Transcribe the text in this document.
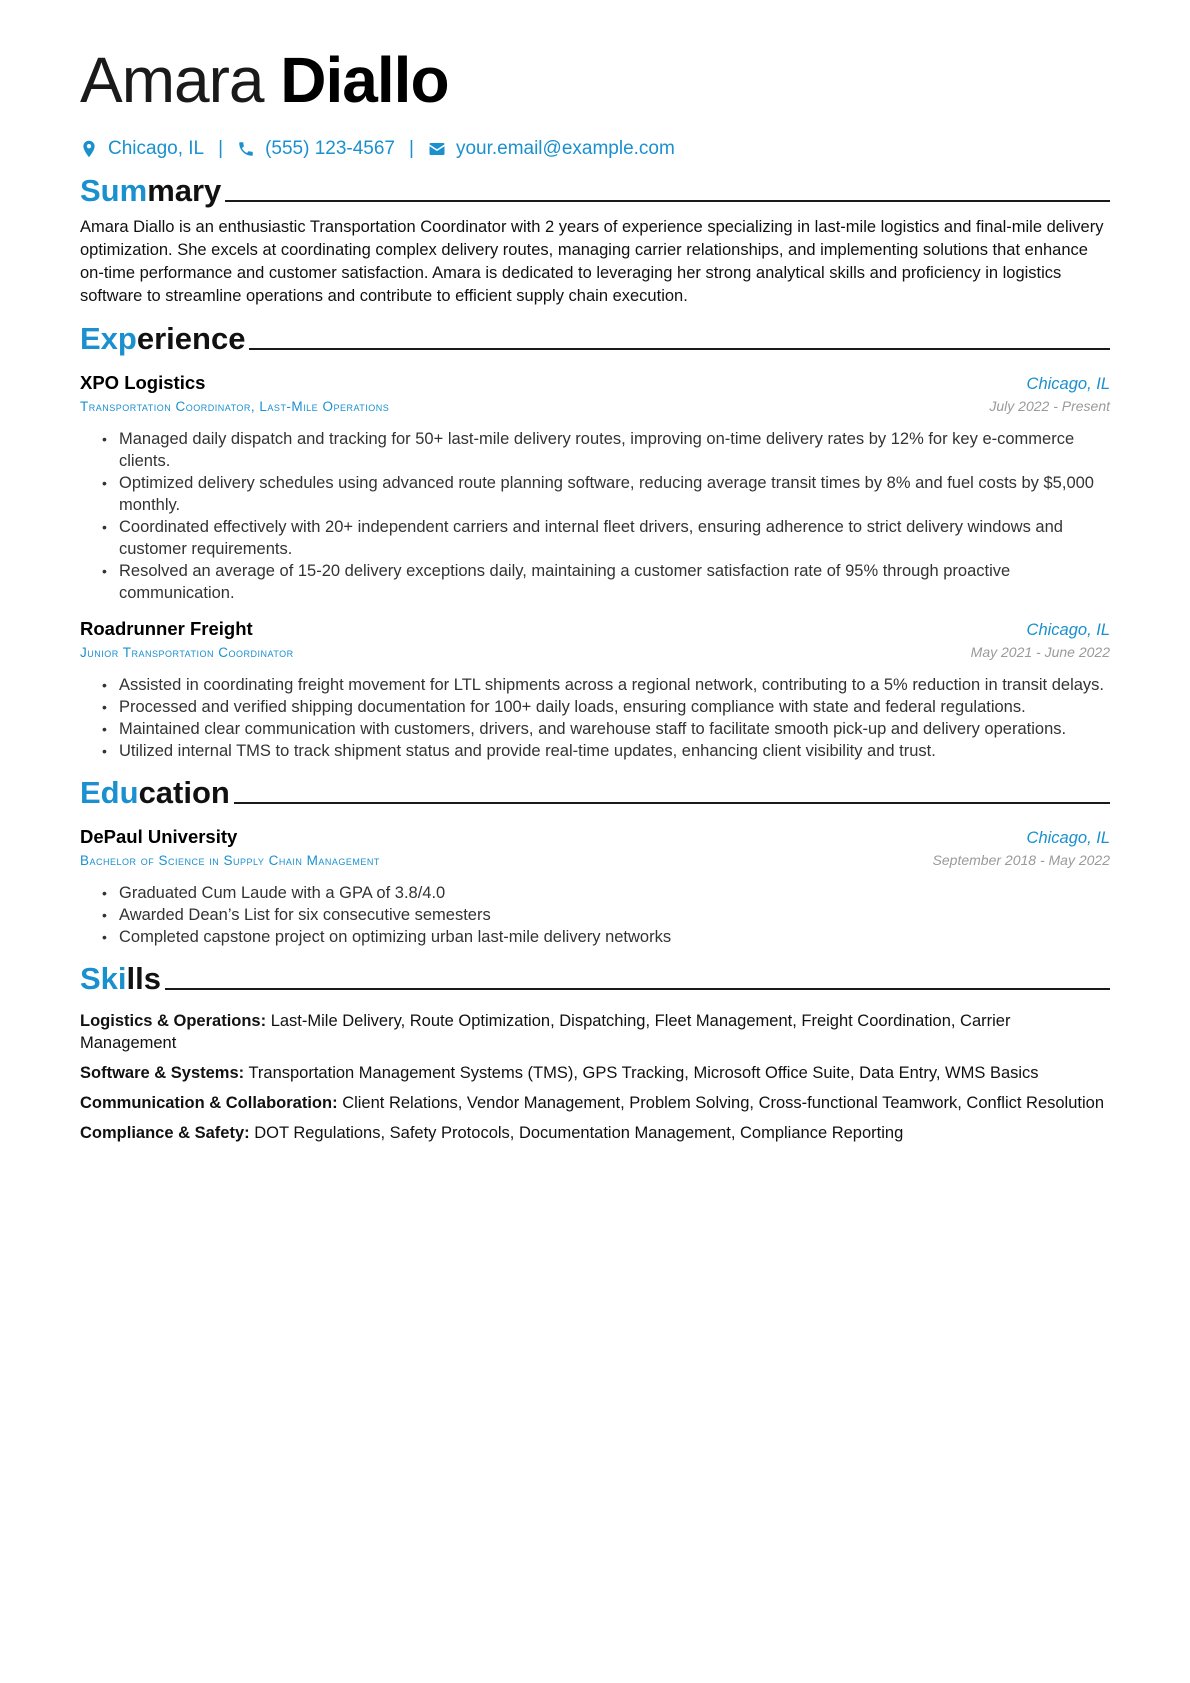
Amara Diallo
Chicago, IL | (555) 123-4567 | your.email@example.com
Summary

Amara Diallo is an enthusiastic Transportation Coordinator with 2 years of experience specializing in last-mile logistics and final-mile delivery optimization. She excels at coordinating complex delivery routes, managing carrier relationships, and implementing solutions that enhance on-time performance and customer satisfaction. Amara is dedicated to leveraging her strong analytical skills and proficiency in logistics software to streamline operations and contribute to efficient supply chain execution.

Experience
XPO Logistics	Chicago, IL
Transportation Coordinator, Last-Mile Operations	July 2022 - Present
• Managed daily dispatch and tracking for 50+ last-mile delivery routes, improving on-time delivery rates by 12% for key e-commerce clients.
• Optimized delivery schedules using advanced route planning software, reducing average transit times by 8% and fuel costs by $5,000 monthly.
• Coordinated effectively with 20+ independent carriers and internal fleet drivers, ensuring adherence to strict delivery windows and customer requirements.
• Resolved an average of 15-20 delivery exceptions daily, maintaining a customer satisfaction rate of 95% through proactive communication.
Roadrunner Freight	Chicago, IL
Junior Transportation Coordinator	May 2021 - June 2022
• Assisted in coordinating freight movement for LTL shipments across a regional network, contributing to a 5% reduction in transit delays.
• Processed and verified shipping documentation for 100+ daily loads, ensuring compliance with state and federal regulations.
• Maintained clear communication with customers, drivers, and warehouse staff to facilitate smooth pick-up and delivery operations.
• Utilized internal TMS to track shipment status and provide real-time updates, enhancing client visibility and trust.
Education
DePaul University	Chicago, IL
Bachelor of Science in Supply Chain Management	September 2018 - May 2022
• Graduated Cum Laude with a GPA of 3.8/4.0
• Awarded Dean’s List for six consecutive semesters
• Completed capstone project on optimizing urban last-mile delivery networks
Skills
Logistics & Operations: Last-Mile Delivery, Route Optimization, Dispatching, Fleet Management, Freight Coordination, Carrier Management
Software & Systems: Transportation Management Systems (TMS), GPS Tracking, Microsoft Office Suite, Data Entry, WMS Basics
Communication & Collaboration: Client Relations, Vendor Management, Problem Solving, Cross-functional Teamwork, Conflict Resolution
Compliance & Safety: DOT Regulations, Safety Protocols, Documentation Management, Compliance Reporting
